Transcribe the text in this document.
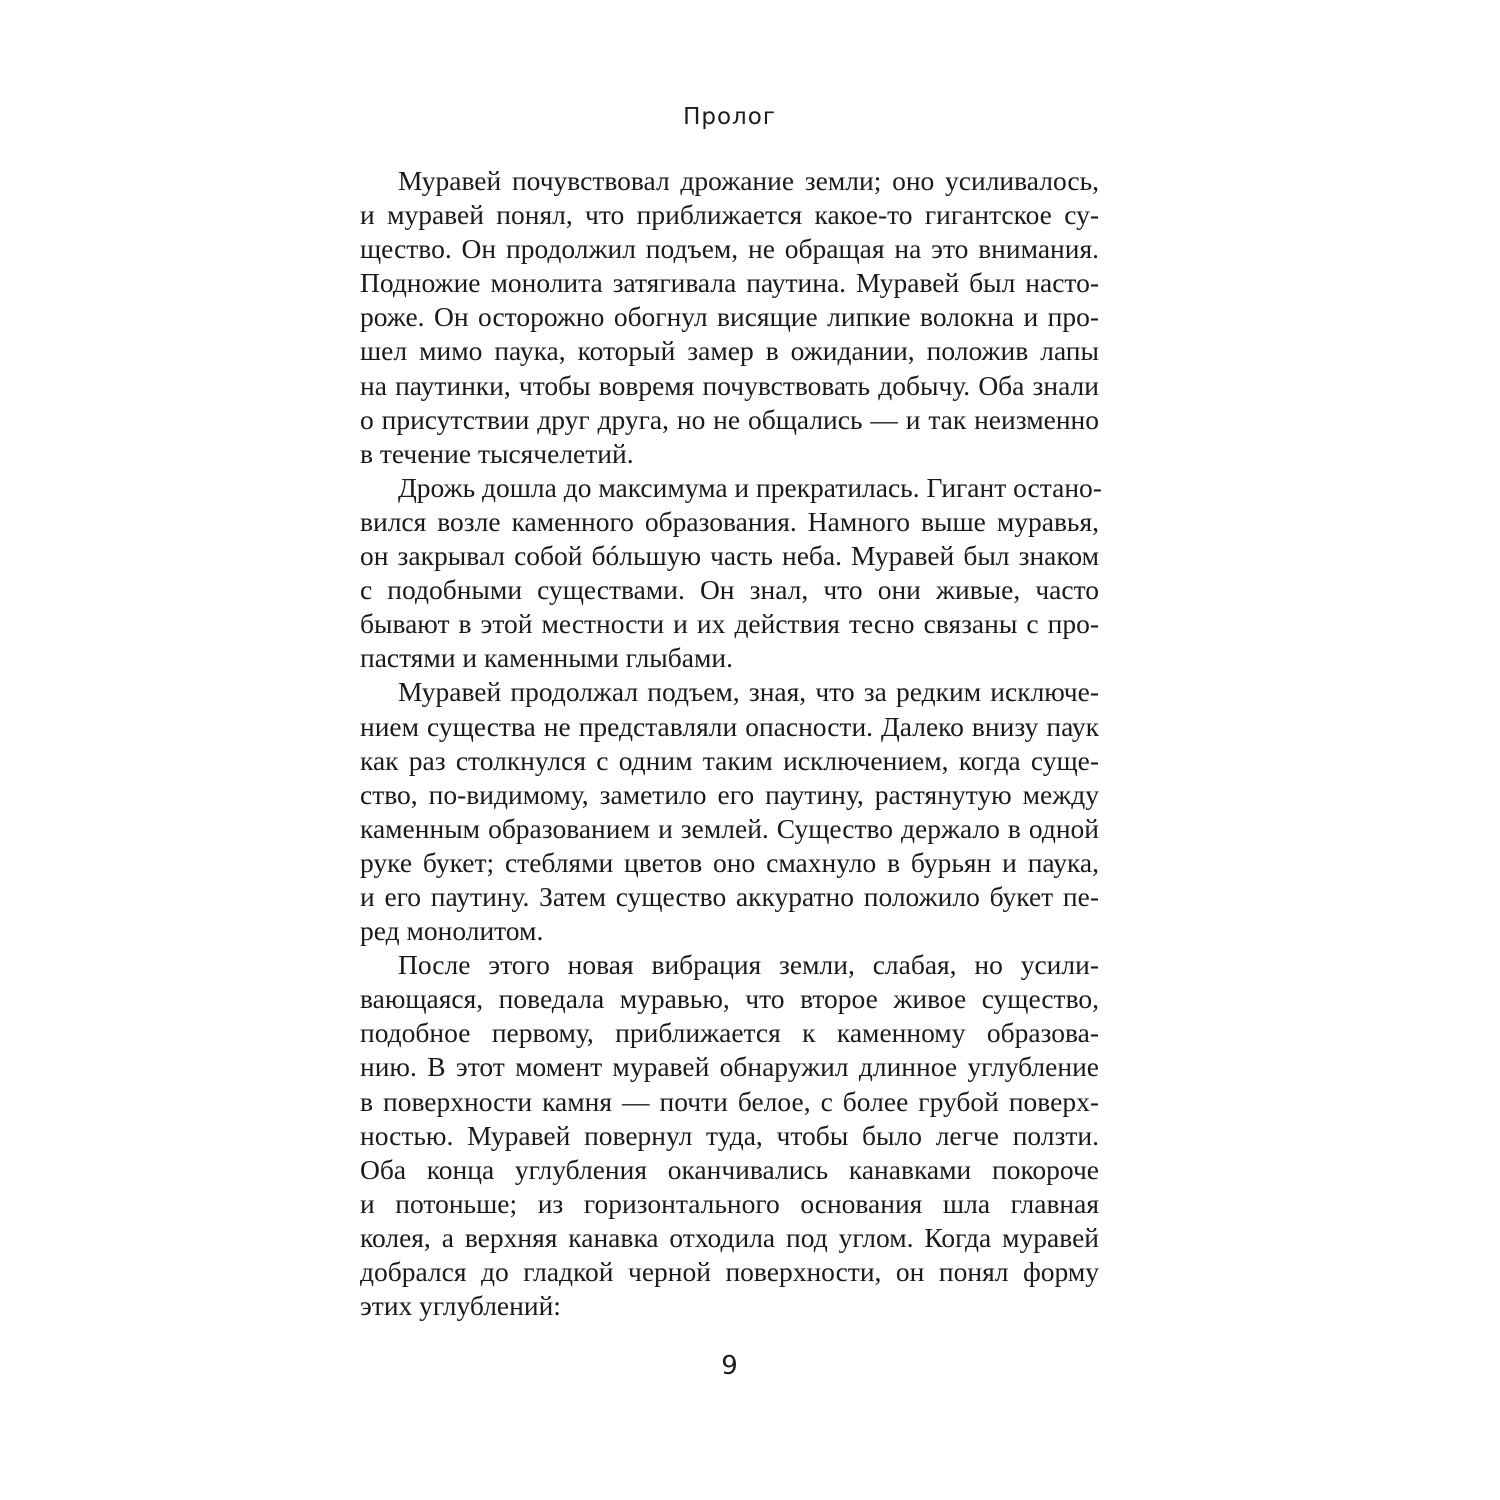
Пролог
Муравей почувствовал дрожание земли; оно усиливалось,
и муравей понял, что приближается какое-то гигантское су-
щество. Он продолжил подъем, не обращая на это внимания.
Подножие монолита затягивала паутина. Муравей был насто-
роже. Он осторожно обогнул висящие липкие волокна и про-
шел мимо паука, который замер в ожидании, положив лапы
на паутинки, чтобы вовремя почувствовать добычу. Оба знали
о присутствии друг друга, но не общались — и так неизменно
в течение тысячелетий.
Дрожь дошла до максимума и прекратилась. Гигант остано-
вился возле каменного образования. Намного выше муравья,
он закрывал собой бóльшую часть неба. Муравей был знаком
с подобными существами. Он знал, что они живые, часто
бывают в этой местности и их действия тесно связаны с про-
пастями и каменными глыбами.
Муравей продолжал подъем, зная, что за редким исключе-
нием существа не представляли опасности. Далеко внизу паук
как раз столкнулся с одним таким исключением, когда суще-
ство, по-видимому, заметило его паутину, растянутую между
каменным образованием и землей. Существо держало в одной
руке букет; стеблями цветов оно смахнуло в бурьян и паука,
и его паутину. Затем существо аккуратно положило букет пе-
ред монолитом.
После этого новая вибрация земли, слабая, но усили-
вающаяся, поведала муравью, что второе живое существо,
подобное первому, приближается к каменному образова-
нию. В этот момент муравей обнаружил длинное углубление
в поверхности камня — почти белое, с более грубой поверх-
ностью. Муравей повернул туда, чтобы было легче ползти.
Оба конца углубления оканчивались канавками покороче
и потоньше; из горизонтального основания шла главная
колея, а верхняя канавка отходила под углом. Когда муравей
добрался до гладкой черной поверхности, он понял форму
этих углублений:
9
